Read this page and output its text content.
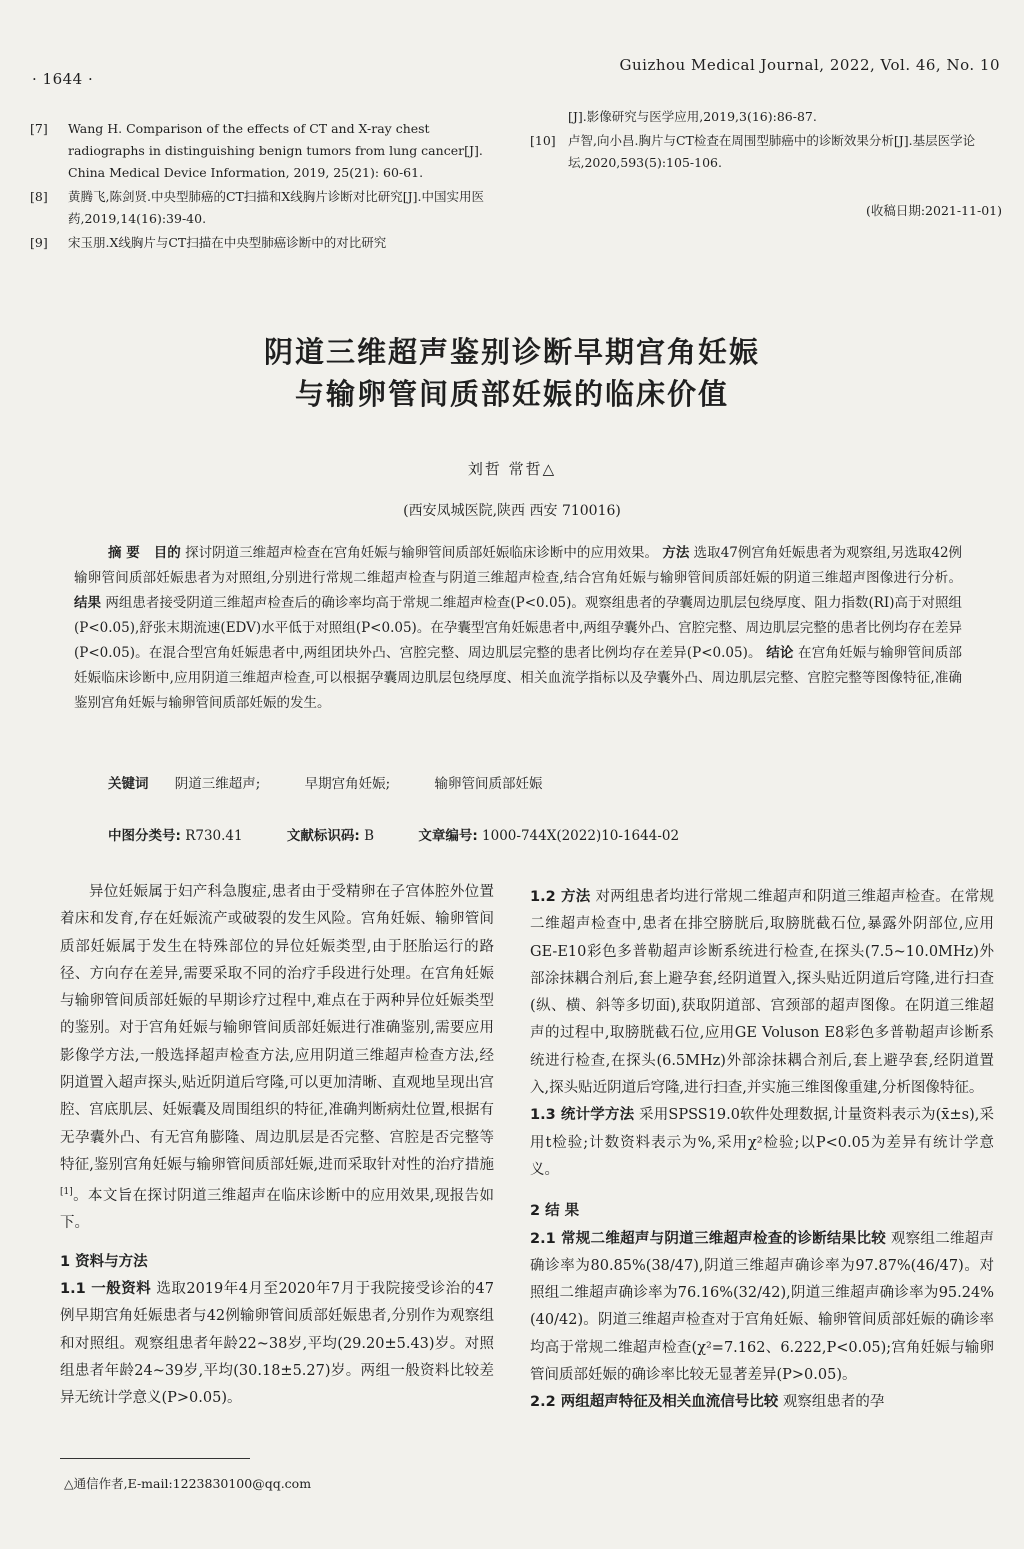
· 1644 ·
Guizhou Medical Journal, 2022, Vol. 46, No. 10
[7] Wang H. Comparison of the effects of CT and X-ray chest radiographs in distinguishing benign tumors from lung cancer[J]. China Medical Device Information, 2019, 25(21): 60-61.
[8] 黄腾飞,陈剑贤.中央型肺癌的CT扫描和X线胸片诊断对比研究[J].中国实用医药,2019,14(16):39-40.
[9] 宋玉朋.X线胸片与CT扫描在中央型肺癌诊断中的对比研究
[J].影像研究与医学应用,2019,3(16):86-87.
[10] 卢智,向小昌.胸片与CT检查在周围型肺癌中的诊断效果分析[J].基层医学论坛,2020,593(5):105-106.
(收稿日期:2021-11-01)
阴道三维超声鉴别诊断早期宫角妊娠
与输卵管间质部妊娠的临床价值
刘哲 常哲△
(西安凤城医院,陕西 西安 710016)
摘 要 目的 探讨阴道三维超声检查在宫角妊娠与输卵管间质部妊娠临床诊断中的应用效果。 方法 选取47例宫角妊娠患者为观察组,另选取42例输卵管间质部妊娠患者为对照组,分别进行常规二维超声检查与阴道三维超声检查,结合宫角妊娠与输卵管间质部妊娠的阴道三维超声图像进行分析。 结果 两组患者接受阴道三维超声检查后的确诊率均高于常规二维超声检查(P<0.05)。观察组患者的孕囊周边肌层包绕厚度、阻力指数(RI)高于对照组(P<0.05),舒张末期流速(EDV)水平低于对照组(P<0.05)。在孕囊型宫角妊娠患者中,两组孕囊外凸、宫腔完整、周边肌层完整的患者比例均存在差异(P<0.05)。在混合型宫角妊娠患者中,两组团块外凸、宫腔完整、周边肌层完整的患者比例均存在差异(P<0.05)。 结论 在宫角妊娠与输卵管间质部妊娠临床诊断中,应用阴道三维超声检查,可以根据孕囊周边肌层包绕厚度、相关血流学指标以及孕囊外凸、周边肌层完整、宫腔完整等图像特征,准确鉴别宫角妊娠与输卵管间质部妊娠的发生。
关键词 阴道三维超声;	早期宫角妊娠;	输卵管间质部妊娠
中图分类号: R730.41	文献标识码: B	文章编号: 1000-744X(2022)10-1644-02

异位妊娠属于妇产科急腹症,患者由于受精卵在子宫体腔外位置着床和发育,存在妊娠流产或破裂的发生风险。宫角妊娠、输卵管间质部妊娠属于发生在特殊部位的异位妊娠类型,由于胚胎运行的路径、方向存在差异,需要采取不同的治疗手段进行处理。在宫角妊娠与输卵管间质部妊娠的早期诊疗过程中,难点在于两种异位妊娠类型的鉴别。对于宫角妊娠与输卵管间质部妊娠进行准确鉴别,需要应用影像学方法,一般选择超声检查方法,应用阴道三维超声检查方法,经阴道置入超声探头,贴近阴道后穹隆,可以更加清晰、直观地呈现出宫腔、宫底肌层、妊娠囊及周围组织的特征,准确判断病灶位置,根据有无孕囊外凸、有无宫角膨隆、周边肌层是否完整、宫腔是否完整等特征,鉴别宫角妊娠与输卵管间质部妊娠,进而采取针对性的治疗措施[1]。本文旨在探讨阴道三维超声在临床诊断中的应用效果,现报告如下。

1 资料与方法

1.1 一般资料 选取2019年4月至2020年7月于我院接受诊治的47例早期宫角妊娠患者与42例输卵管间质部妊娠患者,分别作为观察组和对照组。观察组患者年龄22~38岁,平均(29.20±5.43)岁。对照组患者年龄24~39岁,平均(30.18±5.27)岁。两组一般资料比较差异无统计学意义(P>0.05)。

△通信作者,E-mail:1223830100@qq.com

1.2 方法 对两组患者均进行常规二维超声和阴道三维超声检查。在常规二维超声检查中,患者在排空膀胱后,取膀胱截石位,暴露外阴部位,应用GE-E10彩色多普勒超声诊断系统进行检查,在探头(7.5~10.0MHz)外部涂抹耦合剂后,套上避孕套,经阴道置入,探头贴近阴道后穹隆,进行扫查(纵、横、斜等多切面),获取阴道部、宫颈部的超声图像。在阴道三维超声的过程中,取膀胱截石位,应用GE Voluson E8彩色多普勒超声诊断系统进行检查,在探头(6.5MHz)外部涂抹耦合剂后,套上避孕套,经阴道置入,探头贴近阴道后穹隆,进行扫查,并实施三维图像重建,分析图像特征。

1.3 统计学方法 采用SPSS19.0软件处理数据,计量资料表示为(x̄±s),采用t检验;计数资料表示为%,采用χ²检验;以P<0.05为差异有统计学意义。

2 结 果

2.1 常规二维超声与阴道三维超声检查的诊断结果比较 观察组二维超声确诊率为80.85%(38/47),阴道三维超声确诊率为97.87%(46/47)。对照组二维超声确诊率为76.16%(32/42),阴道三维超声确诊率为95.24%(40/42)。阴道三维超声检查对于宫角妊娠、输卵管间质部妊娠的确诊率均高于常规二维超声检查(χ²=7.162、6.222,P<0.05);宫角妊娠与输卵管间质部妊娠的确诊率比较无显著差异(P>0.05)。

2.2 两组超声特征及相关血流信号比较 观察组患者的孕
